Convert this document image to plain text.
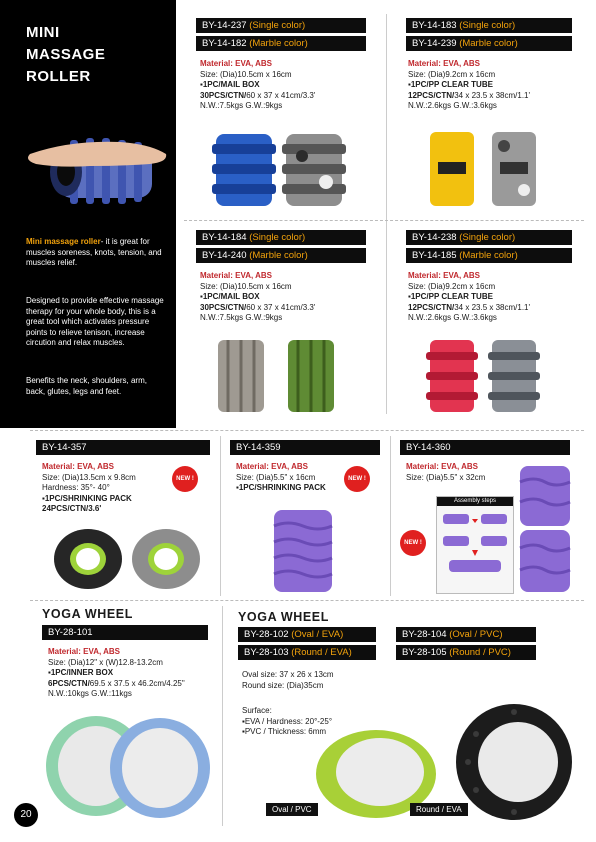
MINI
MASSAGE
ROLLER
Mini massage roller- it is great for muscles soreness, knots, tension, and muscles relief.
Designed to provide effective massage therapy for your whole body, this is a great tool which activates pressure points to relieve tenison, increase circution and relax muscles.
Benefits the neck, shoulders, arm, back, glutes, legs and feet.
BY-14-237 (Single color)
BY-14-182 (Marble color)
Material: EVA, ABS
Size: (Dia)10.5cm x 16cm
▪1PC/MAIL BOX
30PCS/CTN/60 x 37 x 41cm/3.3'
N.W.:7.5kgs G.W.:9kgs
BY-14-183 (Single color)
BY-14-239 (Marble color)
Material: EVA, ABS
Size: (Dia)9.2cm x 16cm
▪1PC/PP CLEAR TUBE
12PCS/CTN/34 x 23.5 x 38cm/1.1'
N.W.:2.6kgs G.W.:3.6kgs
BY-14-184 (Single color)
BY-14-240 (Marble color)
Material: EVA, ABS
Size: (Dia)10.5cm x 16cm
▪1PC/MAIL BOX
30PCS/CTN/60 x 37 x 41cm/3.3'
N.W.:7.5kgs G.W.:9kgs
BY-14-238 (Single color)
BY-14-185 (Marble color)
Material: EVA, ABS
Size: (Dia)9.2cm x 16cm
▪1PC/PP CLEAR TUBE
12PCS/CTN/34 x 23.5 x 38cm/1.1'
N.W.:2.6kgs G.W.:3.6kgs
BY-14-357
Material: EVA, ABS
Size: (Dia)13.5cm x 9.8cm
Hardness: 35°- 40°
▪1PC/SHRINKING PACK
24PCS/CTN/3.6'
NEW !
BY-14-359
Material: EVA, ABS
Size: (Dia)5.5" x 16cm
▪1PC/SHRINKING PACK
NEW !
BY-14-360
Material: EVA, ABS
Size: (Dia)5.5" x 32cm
NEW !
Assembly steps
YOGA WHEEL
BY-28-101
Material: EVA, ABS
Size: (Dia)12" x (W)12.8-13.2cm
▪1PC/INNER BOX
6PCS/CTN/69.5 x 37.5 x 46.2cm/4.25"
N.W.:10kgs G.W.:11kgs
YOGA WHEEL
BY-28-102 (Oval / EVA)
BY-28-103 (Round / EVA)
BY-28-104 (Oval / PVC)
BY-28-105 (Round / PVC)
Oval size: 37 x 26 x 13cm
Round size: (Dia)35cm
Surface:
▪EVA / Hardness: 20°-25°
▪PVC / Thickness: 6mm
Oval / PVC	Round / EVA
20
